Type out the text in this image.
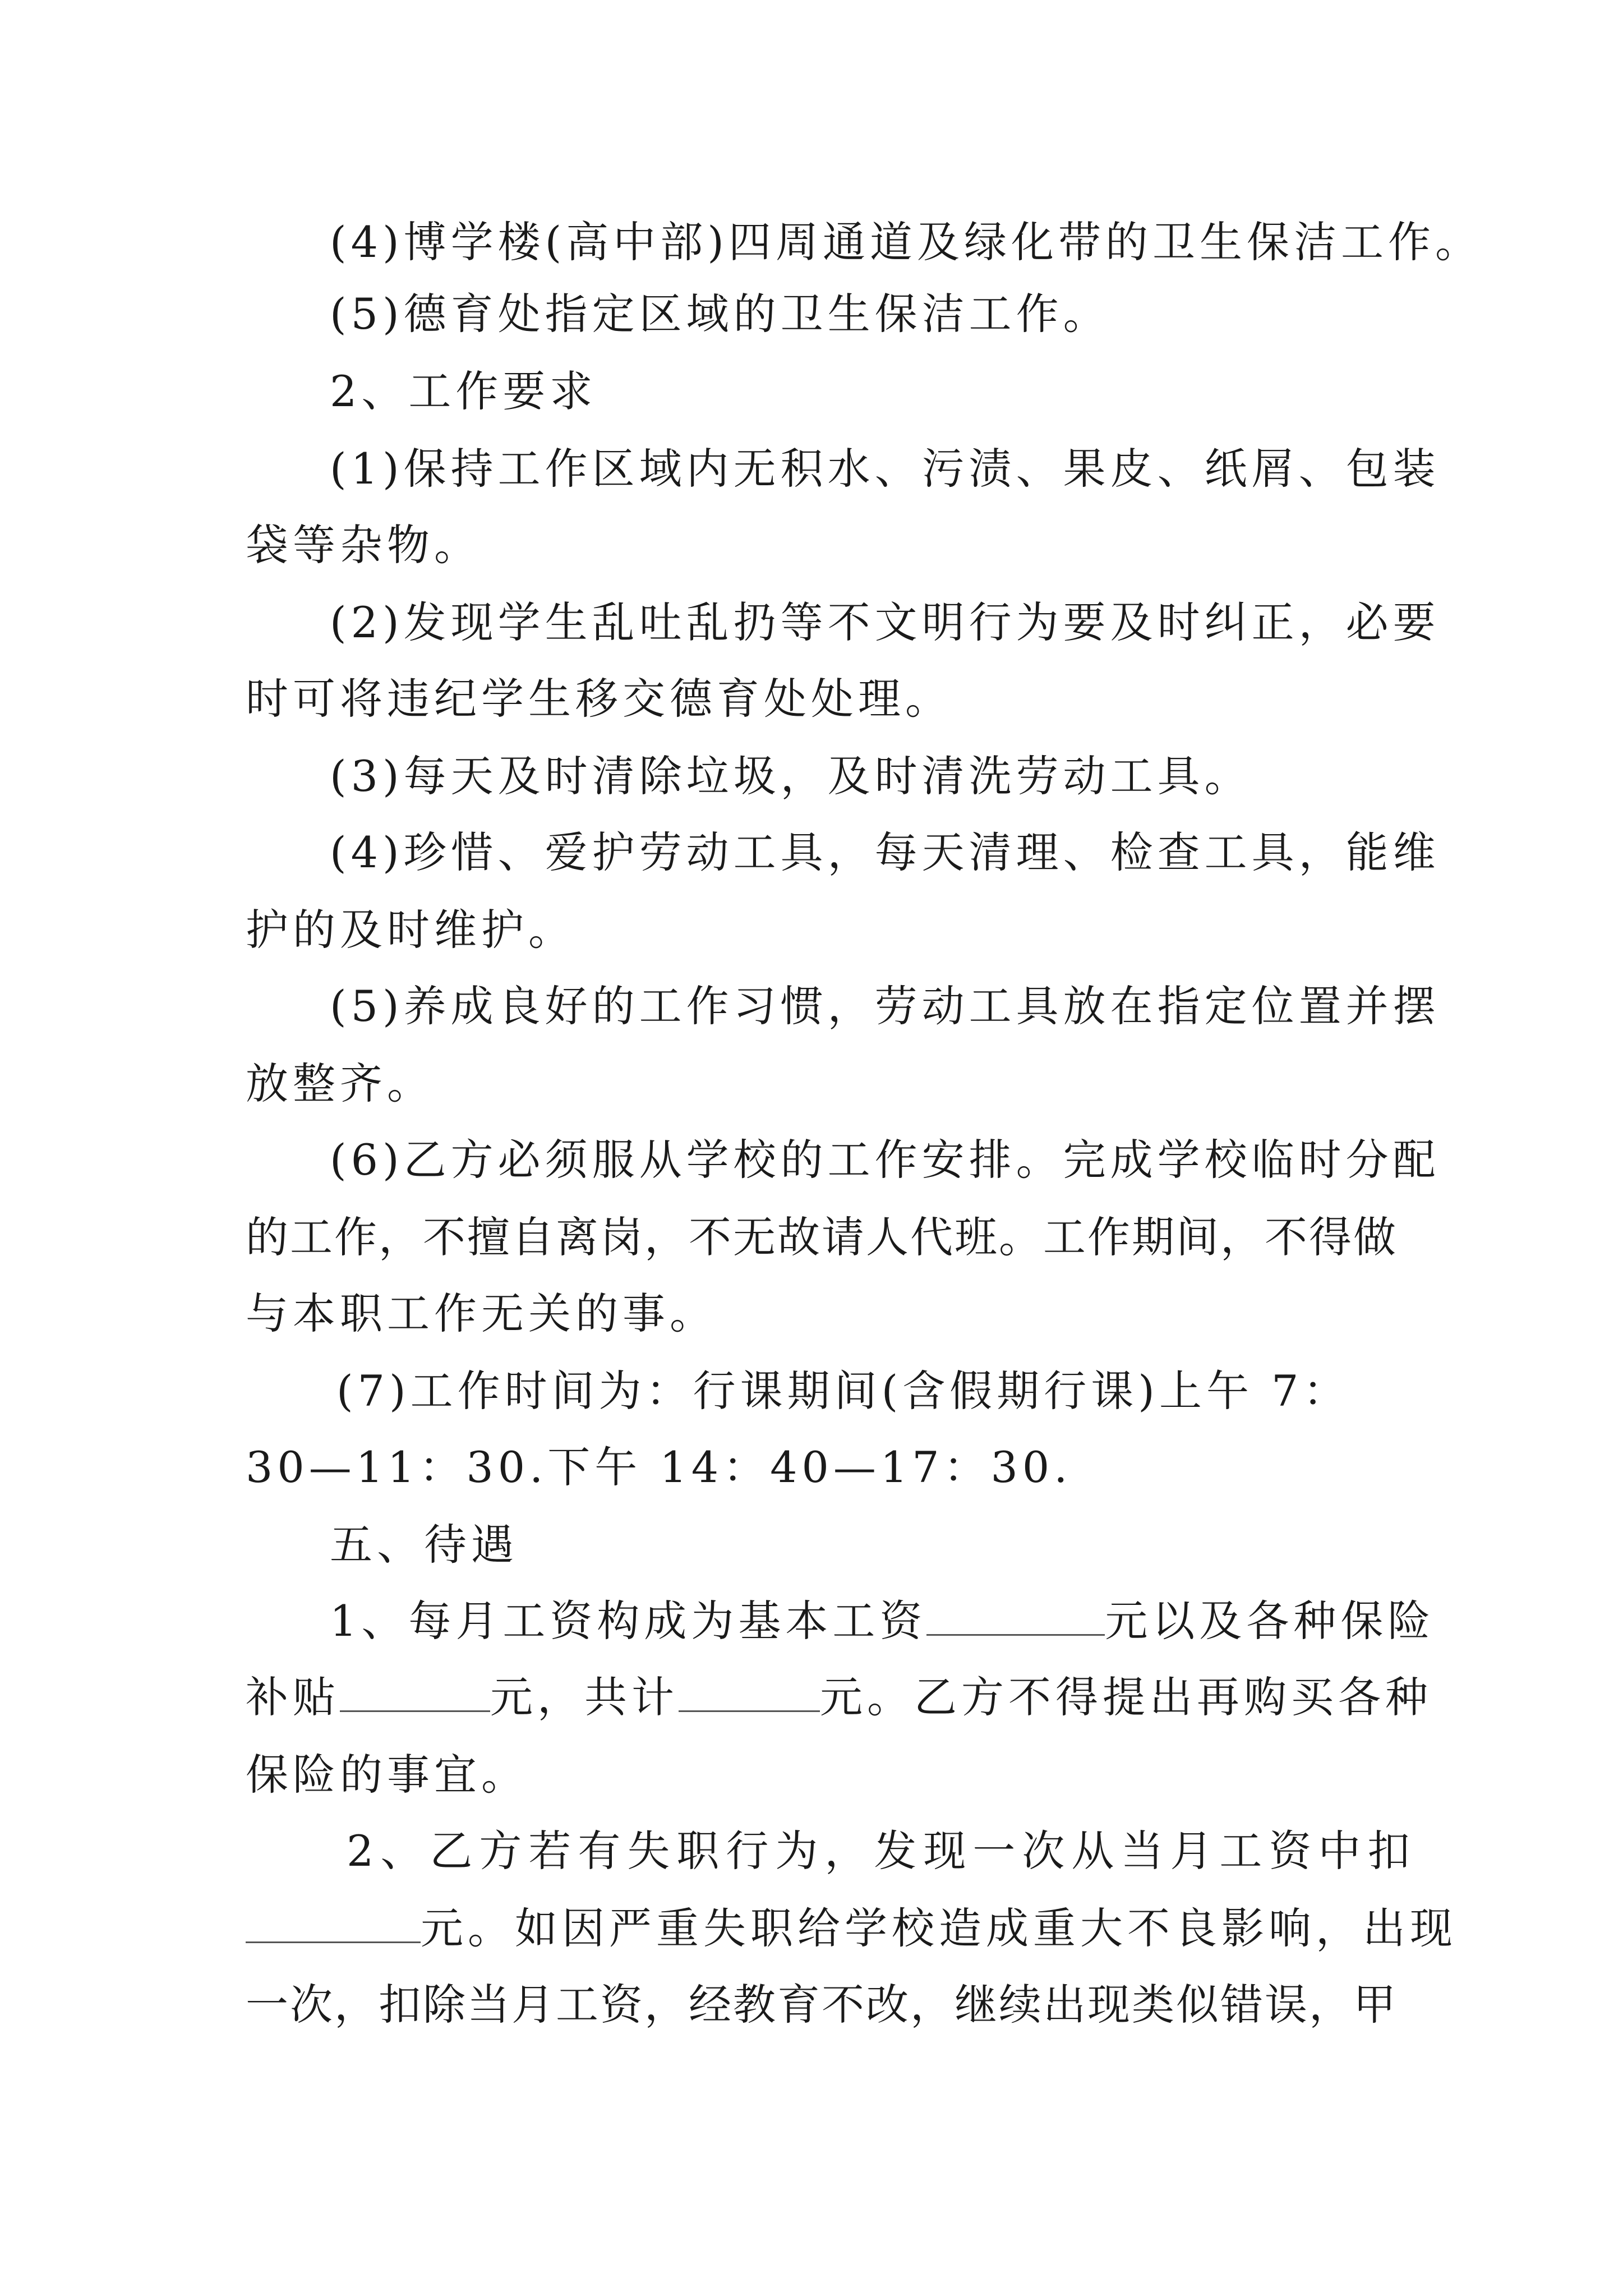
(4)博学楼(高中部)四周通道及绿化带的卫生保洁工作。
(5)德育处指定区域的卫生保洁工作。
2、工作要求
(1)保持工作区域内无积水、污渍、果皮、纸屑、包装
袋等杂物。
(2)发现学生乱吐乱扔等不文明行为要及时纠正，必要
时可将违纪学生移交德育处处理。
(3)每天及时清除垃圾，及时清洗劳动工具。
(4)珍惜、爱护劳动工具，每天清理、检查工具，能维
护的及时维护。
(5)养成良好的工作习惯，劳动工具放在指定位置并摆
放整齐。
(6)乙方必须服从学校的工作安排。完成学校临时分配
的工作，不擅自离岗，不无故请人代班。工作期间，不得做
与本职工作无关的事。
(7)工作时间为：行课期间(含假期行课)上午 7：
30—11：30.下午 14：40—17：30.
五、待遇
1、每月工资构成为基本工资	元以及各种保险
补贴	元，共计	元。乙方不得提出再购买各种
保险的事宜。
2、乙方若有失职行为，发现一次从当月工资中扣
元。如因严重失职给学校造成重大不良影响，出现
一次，扣除当月工资，经教育不改，继续出现类似错误，甲
